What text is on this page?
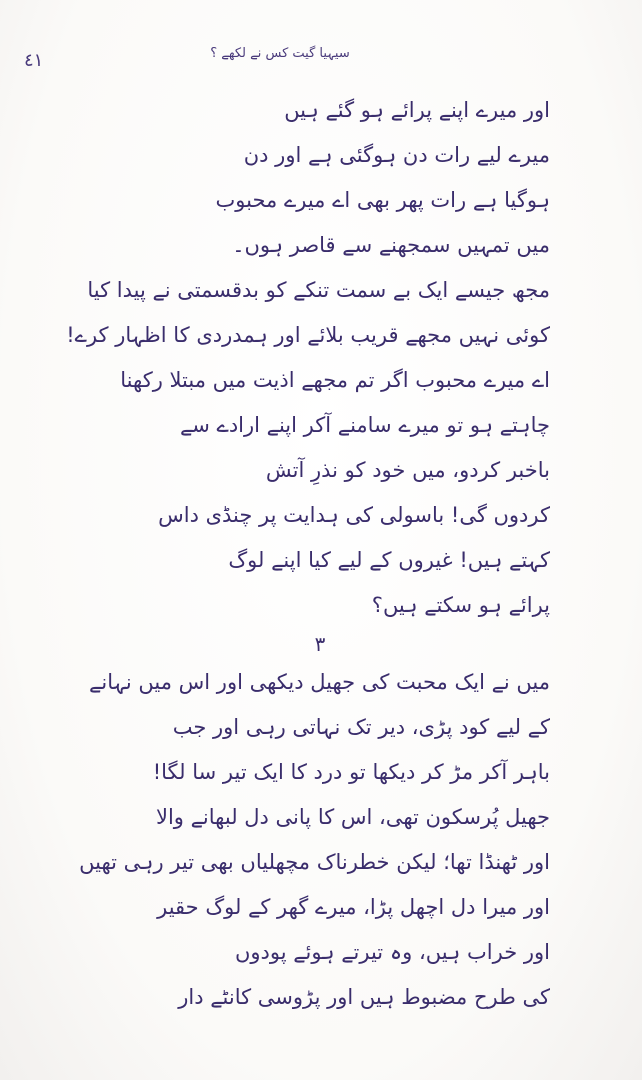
٤١	سیہیا گیت کس نے لکھے ؟
اور میرے اپنے پرائے ہو گئے ہیں
میرے لیے رات دن ہوگئی ہے اور دن
ہوگیا ہے رات پھر بھی اے میرے محبوب
میں تمہیں سمجھنے سے قاصر ہوں۔
مجھ جیسے ایک بے سمت تنکے کو بدقسمتی نے پیدا کیا
کوئی نہیں مجھے قریب بلائے اور ہمدردی کا اظہار کرے!
اے میرے محبوب اگر تم مجھے اذیت میں مبتلا رکھنا
چاہتے ہو تو میرے سامنے آکر اپنے ارادے سے
باخبر کردو، میں خود کو نذرِ آتش
کردوں گی! باسولی کی ہدایت پر چنڈی داس
کہتے ہیں! غیروں کے لیے کیا اپنے لوگ
پرائے ہو سکتے ہیں؟
۳
میں نے ایک محبت کی جھیل دیکھی اور اس میں نہانے
کے لیے کود پڑی، دیر تک نہاتی رہی اور جب
باہر آکر مڑ کر دیکھا تو درد کا ایک تیر سا لگا!
جھیل پُرسکون تھی، اس کا پانی دل لبھانے والا
اور ٹھنڈا تھا؛ لیکن خطرناک مچھلیاں بھی تیر رہی تھیں
اور میرا دل اچھل پڑا، میرے گھر کے لوگ حقیر
اور خراب ہیں، وہ تیرتے ہوئے پودوں
کی طرح مضبوط ہیں اور پڑوسی کانٹے دار
